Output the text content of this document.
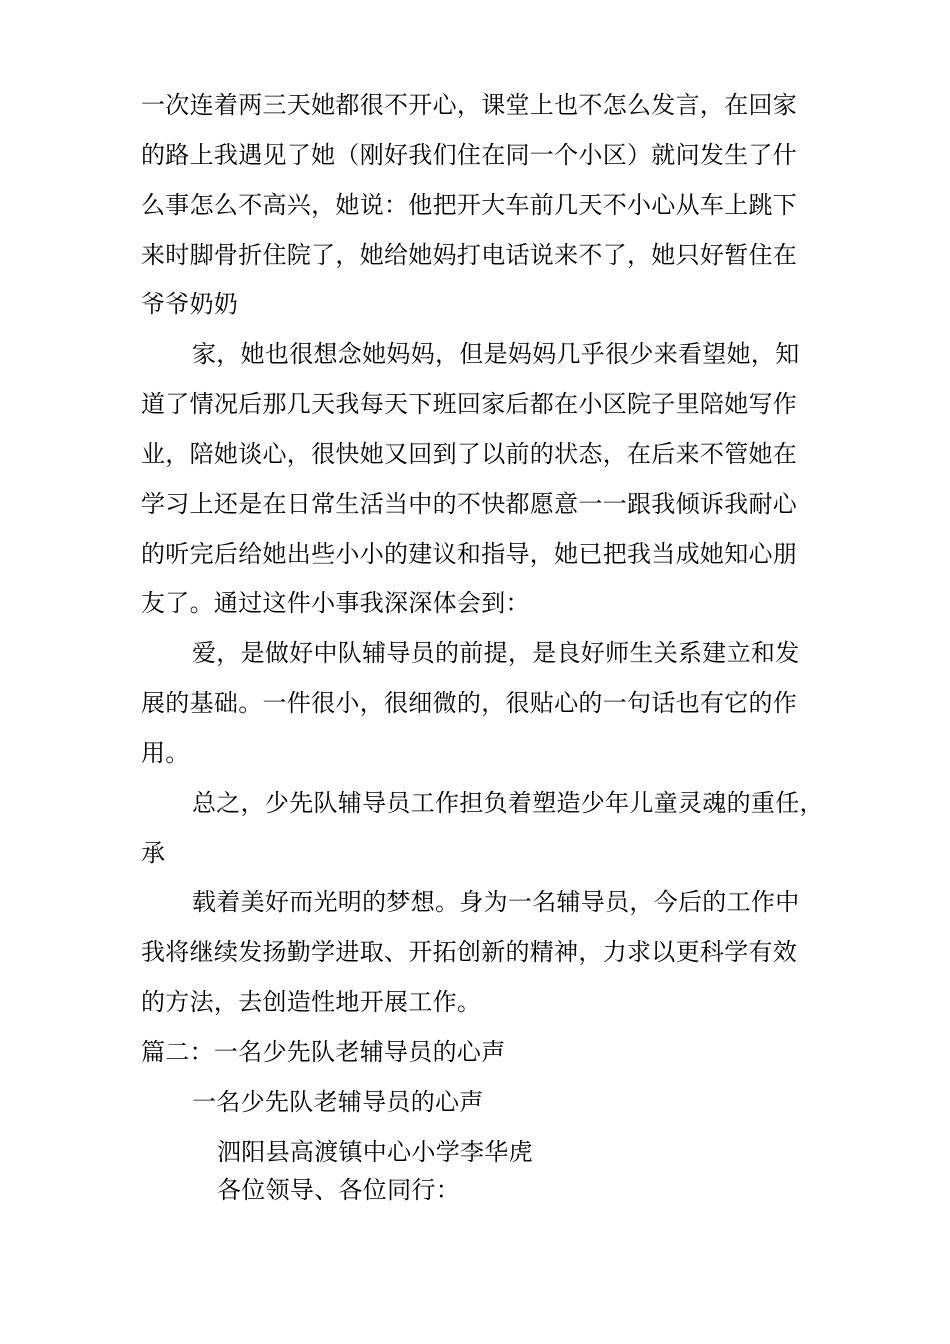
一次连着两三天她都很不开心，课堂上也不怎么发言，在回家
的路上我遇见了她（刚好我们住在同一个小区）就问发生了什
么事怎么不高兴，她说：他把开大车前几天不小心从车上跳下
来时脚骨折住院了，她给她妈打电话说来不了，她只好暂住在
爷爷奶奶
家，她也很想念她妈妈，但是妈妈几乎很少来看望她，知
道了情况后那几天我每天下班回家后都在小区院子里陪她写作
业，陪她谈心，很快她又回到了以前的状态，在后来不管她在
学习上还是在日常生活当中的不快都愿意一一跟我倾诉我耐心
的听完后给她出些小小的建议和指导，她已把我当成她知心朋
友了。通过这件小事我深深体会到：
爱，是做好中队辅导员的前提，是良好师生关系建立和发
展的基础。一件很小，很细微的，很贴心的一句话也有它的作
用。
总之，少先队辅导员工作担负着塑造少年儿童灵魂的重任，
承
载着美好而光明的梦想。身为一名辅导员，今后的工作中
我将继续发扬勤学进取、开拓创新的精神，力求以更科学有效
的方法，去创造性地开展工作。
篇二：一名少先队老辅导员的心声
一名少先队老辅导员的心声
泗阳县高渡镇中心小学李华虎
各位领导、各位同行：
